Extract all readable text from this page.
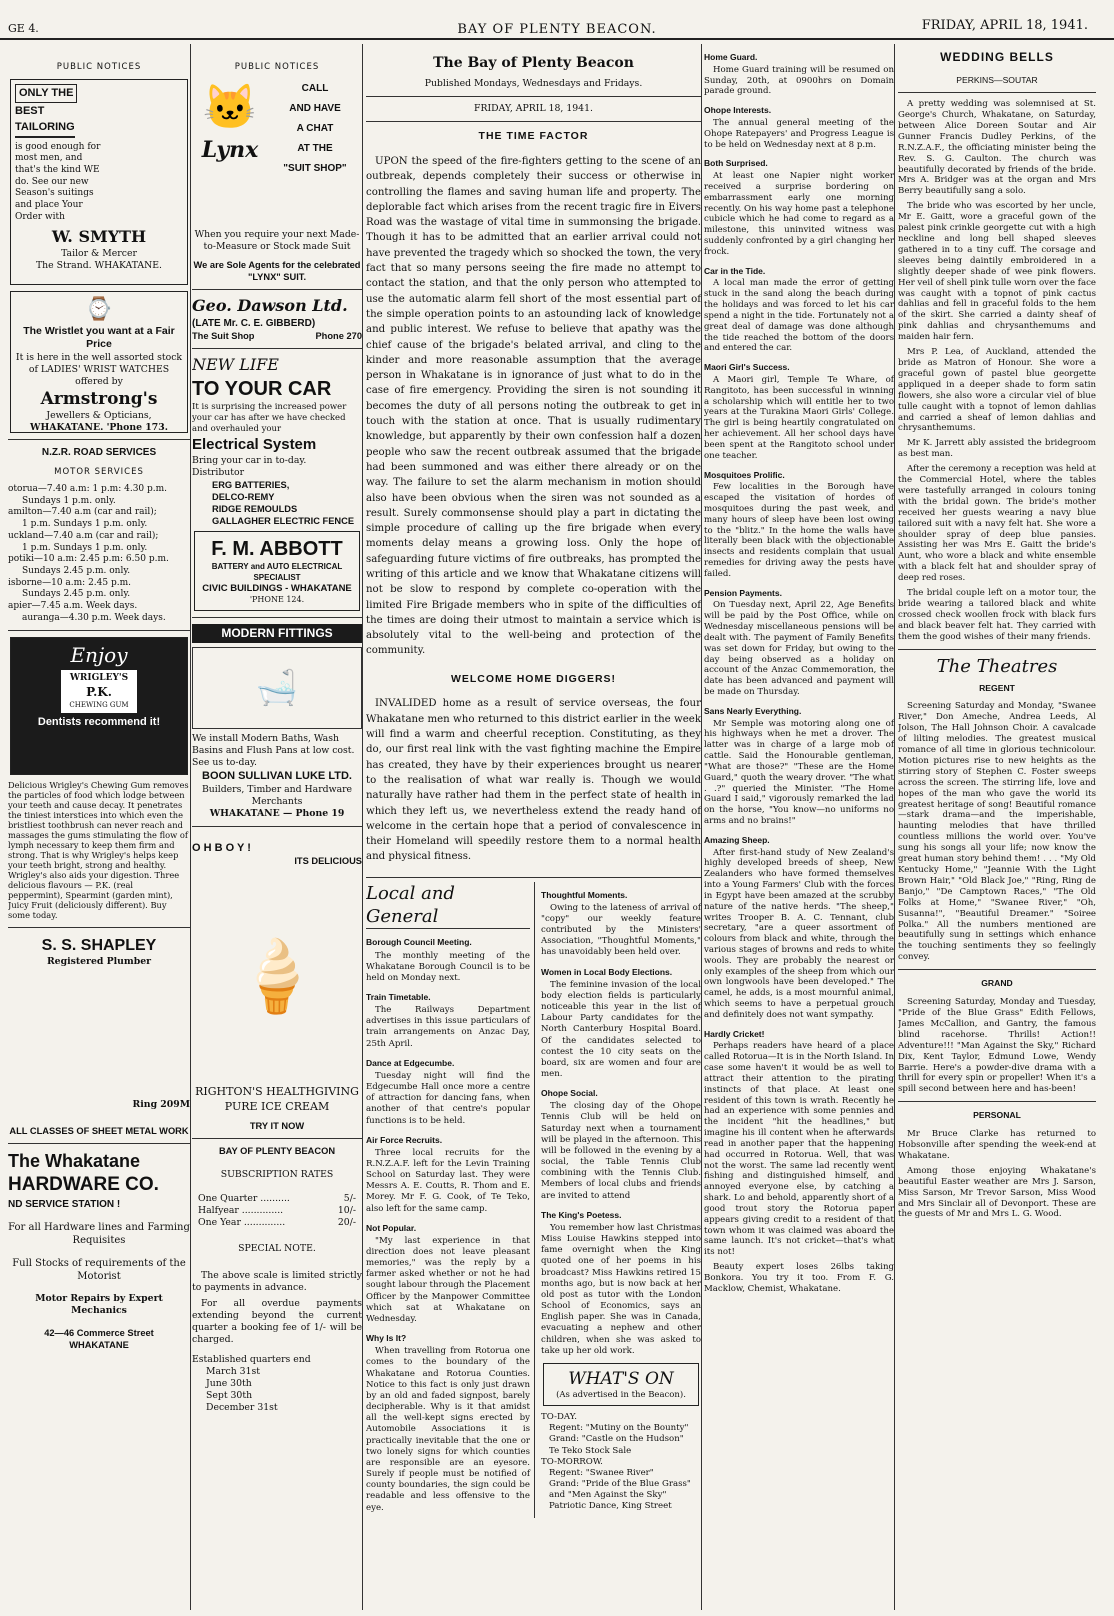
GE 4.	BAY OF PLENTY BEACON.	FRIDAY, APRIL 18, 1941.
PUBLIC NOTICES
ONLY THE
BEST
TAILORING
is good enough for most men, and that's the kind WE do. See our new Season's suitings and place Your Order with
W. SMYTH
Tailor & Mercer
The Strand. WHAKATANE.
⌚
The Wristlet you want at a Fair Price
It is here in the well assorted stock of LADIES' WRIST WATCHES offered by
Armstrong's
Jewellers & Opticians,
WHAKATANE. 'Phone 173.
N.Z.R. ROAD SERVICES
MOTOR SERVICES
otorua—7.40 a.m: 1 p.m: 4.30 p.m.
Sundays 1 p.m. only.
amilton—7.40 a.m (car and rail);
1 p.m. Sundays 1 p.m. only.
uckland—7.40 a.m (car and rail);
1 p.m. Sundays 1 p.m. only.
potiki—10 a.m: 2.45 p.m: 6.50 p.m.
Sundays 2.45 p.m. only.
isborne—10 a.m: 2.45 p.m.
Sundays 2.45 p.m. only.
apier—7.45 a.m. Week days.
auranga—4.30 p.m. Week days.
Enjoy
WRIGLEY'S
P.K.
CHEWING GUM
Dentists recommend it!
Delicious Wrigley's Chewing Gum removes the particles of food which lodge between your teeth and cause decay. It penetrates the tiniest interstices into which even the bristliest toothbrush can never reach and massages the gums stimulating the flow of lymph necessary to keep them firm and strong. That is why Wrigley's helps keep your teeth bright, strong and healthy. Wrigley's also aids your digestion. Three delicious flavours — P.K. (real peppermint), Spearmint (garden mint), Juicy Fruit (deliciously different). Buy some today.
S. S. SHAPLEY
Registered Plumber
Ring 209M
ALL CLASSES OF SHEET METAL WORK
The Whakatane
HARDWARE CO.
ND SERVICE STATION !
For all Hardware lines and Farming Requisites
Full Stocks of requirements of the Motorist
Motor Repairs by Expert Mechanics
42—46 Commerce Street
WHAKATANE
PUBLIC NOTICES
🐱
Lynx
CALL
AND HAVE
A CHAT
AT THE
"SUIT SHOP"
When you require your next Made-to-Measure or Stock made Suit
We are Sole Agents for the celebrated "LYNX" SUIT.
Geo. Dawson Ltd.
(LATE Mr. C. E. GIBBERD)
The Suit Shop	Phone 270
NEW LIFE
TO YOUR CAR
It is surprising the increased power your car has after we have checked and overhauled your
Electrical System
Bring your car in to-day.
Distributor
ERG BATTERIES,
DELCO-REMY
RIDGE REMOULDS
GALLAGHER ELECTRIC FENCE
F. M. ABBOTT
BATTERY and AUTO ELECTRICAL SPECIALIST
CIVIC BUILDINGS - WHAKATANE
'PHONE 124.
MODERN FITTINGS
🛁
We install Modern Baths, Wash Basins and Flush Pans at low cost. See us to-day.
BOON SULLIVAN LUKE LTD.
Builders, Timber and Hardware Merchants
WHAKATANE — Phone 19
O H B O Y !
ITS DELICIOUS
🍦
RIGHTON'S HEALTHGIVING
PURE ICE CREAM
TRY IT NOW
BAY OF PLENTY BEACON
SUBSCRIPTION RATES
One Quarter ..........	5/-
Halfyear ..............	10/-
One Year ..............	20/-
SPECIAL NOTE.

The above scale is limited strictly to payments in advance.

For all overdue payments extending beyond the current quarter a booking fee of 1/- will be charged.

Established quarters end
March 31st
June 30th
Sept 30th
December 31st
The Bay of Plenty Beacon
Published Mondays, Wednesdays and Fridays.
FRIDAY, APRIL 18, 1941.
THE TIME FACTOR

UPON the speed of the fire-fighters getting to the scene of an outbreak, depends completely their success or otherwise in controlling the flames and saving human life and property. The deplorable fact which arises from the recent tragic fire in Eivers Road was the wastage of vital time in summonsing the brigade. Though it has to be admitted that an earlier arrival could not have prevented the tragedy which so shocked the town, the very fact that so many persons seeing the fire made no attempt to contact the station, and that the only person who attempted to use the automatic alarm fell short of the most essential part of the simple operation points to an astounding lack of knowledge and public interest. We refuse to believe that apathy was the chief cause of the brigade's belated arrival, and cling to the kinder and more reasonable assumption that the average person in Whakatane is in ignorance of just what to do in the case of fire emergency. Providing the siren is not sounding it becomes the duty of all persons noting the outbreak to get in touch with the station at once. That is usually rudimentary knowledge, but apparently by their own confession half a dozen people who saw the recent outbreak assumed that the brigade had been summoned and was either there already or on the way. The failure to set the alarm mechanism in motion should also have been obvious when the siren was not sounded as a result. Surely commonsense should play a part in dictating the simple procedure of calling up the fire brigade when every moments delay means a growing loss. Only the hope of safeguarding future victims of fire outbreaks, has prompted the writing of this article and we know that Whakatane citizens will not be slow to respond by complete co-operation with the limited Fire Brigade members who in spite of the difficulties of the times are doing their utmost to maintain a service which is absolutely vital to the well-being and protection of the community.

WELCOME HOME DIGGERS!

INVALIDED home as a result of service overseas, the four Whakatane men who returned to this district earlier in the week will find a warm and cheerful reception. Constituting, as they do, our first real link with the vast fighting machine the Empire has created, they have by their experiences brought us nearer to the realisation of what war really is. Though we would naturally have rather had them in the perfect state of health in which they left us, we nevertheless extend the ready hand of welcome in the certain hope that a period of convalescence in their Homeland will speedily restore them to a normal health and physical fitness.

Local and General
Borough Council Meeting.

The monthly meeting of the Whakatane Borough Council is to be held on Monday next.

Train Timetable.

The Railways Department advertises in this issue particulars of train arrangements on Anzac Day, 25th April.

Dance at Edgecumbe.

Tuesday night will find the Edgecumbe Hall once more a centre of attraction for dancing fans, when another of that centre's popular functions is to be held.

Air Force Recruits.

Three local recruits for the R.N.Z.A.F. left for the Levin Training School on Saturday last. They were Messrs A. E. Coutts, R. Thom and E. Morey. Mr F. G. Cook, of Te Teko, also left for the same camp.

Not Popular.

"My last experience in that direction does not leave pleasant memories," was the reply by a farmer asked whether or not he had sought labour through the Placement Officer by the Manpower Committee which sat at Whakatane on Wednesday.

Why Is It?

When travelling from Rotorua one comes to the boundary of the Whakatane and Rotorua Counties. Notice to this fact is only just drawn by an old and faded signpost, barely decipherable. Why is it that amidst all the well-kept signs erected by Automobile Associations it is practically inevitable that the one or two lonely signs for which counties are responsible are an eyesore. Surely if people must be notified of county boundaries, the sign could be readable and less offensive to the eye.

Thoughtful Moments.

Owing to the lateness of arrival of "copy" our weekly feature contributed by the Ministers' Association, "Thoughtful Moments," has unavoidably been held over.

Women in Local Body Elections.

The feminine invasion of the local body election fields is particularly noticeable this year in the list of Labour Party candidates for the North Canterbury Hospital Board. Of the candidates selected to contest the 10 city seats on the board, six are women and four are men.

Ohope Social.

The closing day of the Ohope Tennis Club will be held on Saturday next when a tournament will be played in the afternoon. This will be followed in the evening by a social, the Table Tennis Club combining with the Tennis Club. Members of local clubs and friends are invited to attend

The King's Poetess.

You remember how last Christmas Miss Louise Hawkins stepped into fame overnight when the King quoted one of her poems in his broadcast? Miss Hawkins retired 15 months ago, but is now back at her old post as tutor with the London School of Economics, says an English paper. She was in Canada, evacuating a nephew and other children, when she was asked to take up her old work.

WHAT'S ON
(As advertised in the Beacon).
TO-DAY.
Regent: "Mutiny on the Bounty"
Grand: "Castle on the Hudson"
Te Teko Stock Sale
TO-MORROW.
Regent: "Swanee River"
Grand: "Pride of the Blue Grass" and "Men Against the Sky"
Patriotic Dance, King Street
Home Guard.

Home Guard training will be resumed on Sunday, 20th, at 0900hrs on Domain parade ground.

Ohope Interests.

The annual general meeting of the Ohope Ratepayers' and Progress League is to be held on Wednesday next at 8 p.m.

Both Surprised.

At least one Napier night worker received a surprise bordering on embarrassment early one morning recently. On his way home past a telephone cubicle which he had come to regard as a milestone, this uninvited witness was suddenly confronted by a girl changing her frock.

Car in the Tide.

A local man made the error of getting stuck in the sand along the beach during the holidays and was forced to let his car spend a night in the tide. Fortunately not a great deal of damage was done although the tide reached the bottom of the doors and entered the car.

Maori Girl's Success.

A Maori girl, Temple Te Whare, of Rangitoto, has been successful in winning a scholarship which will entitle her to two years at the Turakina Maori Girls' College. The girl is being heartily congratulated on her achievement. All her school days have been spent at the Rangitoto school under one teacher.

Mosquitoes Prolific.

Few localities in the Borough have escaped the visitation of hordes of mosquitoes during the past week, and many hours of sleep have been lost owing to the "blitz." In the home the walls have literally been black with the objectionable insects and residents complain that usual remedies for driving away the pests have failed.

Pension Payments.

On Tuesday next, April 22, Age Benefits will be paid by the Post Office, while on Wednesday miscellaneous pensions will be dealt with. The payment of Family Benefits was set down for Friday, but owing to the day being observed as a holiday on account of the Anzac Commemoration, the date has been advanced and payment will be made on Thursday.

Sans Nearly Everything.

Mr Semple was motoring along one of his highways when he met a drover. The latter was in charge of a large mob of cattle. Said the Honourable gentleman, "What are those?" "These are the Home Guard," quoth the weary drover. "The what . .?" queried the Minister. "The Home Guard I said," vigorously remarked the lad on the horse, "You know—no uniforms no arms and no brains!"

Amazing Sheep.

After first-hand study of New Zealand's highly developed breeds of sheep, New Zealanders who have formed themselves into a Young Farmers' Club with the forces in Egypt have been amazed at the scrubby nature of the native herds. "The sheep," writes Trooper B. A. C. Tennant, club secretary, "are a queer assortment of colours from black and white, through the various stages of browns and reds to white wools. They are probably the nearest or only examples of the sheep from which our own longwools have been developed." The camel, he adds, is a most mournful animal, which seems to have a perpetual grouch and definitely does not want sympathy.

Hardly Cricket!

Perhaps readers have heard of a place called Rotorua—It is in the North Island. In case some haven't it would be as well to attract their attention to the pirating instincts of that place. At least one resident of this town is wrath. Recently he had an experience with some pennies and the incident "hit the headlines," but imagine his ill content when he afterwards read in another paper that the happening had occurred in Rotorua. Well, that was not the worst. The same lad recently went fishing and distinguished himself, and annoyed everyone else, by catching a shark. Lo and behold, apparently short of a good trout story the Rotorua paper appears giving credit to a resident of that town whom it was claimed was aboard the same launch. It's not cricket—that's what its not!

Beauty expert loses 26lbs taking Bonkora. You try it too. From F. G. Macklow, Chemist, Whakatane.

WEDDING BELLS
PERKINS—SOUTAR

A pretty wedding was solemnised at St. George's Church, Whakatane, on Saturday, between Alice Doreen Soutar and Air Gunner Francis Dudley Perkins, of the R.N.Z.A.F., the officiating minister being the Rev. S. G. Caulton. The church was beautifully decorated by friends of the bride. Mrs A. Bridger was at the organ and Mrs Berry beautifully sang a solo.

The bride who was escorted by her uncle, Mr E. Gaitt, wore a graceful gown of the palest pink crinkle georgette cut with a high neckline and long bell shaped sleeves gathered in to a tiny cuff. The corsage and sleeves being daintily embroidered in a slightly deeper shade of wee pink flowers. Her veil of shell pink tulle worn over the face was caught with a topnot of pink cactus dahlias and fell in graceful folds to the hem of the skirt. She carried a dainty sheaf of pink dahlias and chrysanthemums and maiden hair fern.

Mrs P. Lea, of Auckland, attended the bride as Matron of Honour. She wore a graceful gown of pastel blue georgette appliqued in a deeper shade to form satin flowers, she also wore a circular viel of blue tulle caught with a topnot of lemon dahlias and carried a sheaf of lemon dahlias and chrysanthemums.

Mr K. Jarrett ably assisted the bridegroom as best man.

After the ceremony a reception was held at the Commercial Hotel, where the tables were tastefully arranged in colours toning with the bridal gown. The bride's mother received her guests wearing a navy blue tailored suit with a navy felt hat. She wore a shoulder spray of deep blue pansies. Assisting her was Mrs E. Gaitt the bride's Aunt, who wore a black and white ensemble with a black felt hat and shoulder spray of deep red roses.

The bridal couple left on a motor tour, the bride wearing a tailored black and white crossed check woollen frock with black furs and black beaver felt hat. They carried with them the good wishes of their many friends.

The Theatres
REGENT

Screening Saturday and Monday, "Swanee River," Don Ameche, Andrea Leeds, Al Jolson, The Hall Johnson Choir. A cavalcade of lilting melodies. The greatest musical romance of all time in glorious technicolour. Motion pictures rise to new heights as the stirring story of Stephen C. Foster sweeps across the screen. The stirring life, love and hopes of the man who gave the world its greatest heritage of song! Beautiful romance—stark drama—and the imperishable, haunting melodies that have thrilled countless millions the world over. You've sung his songs all your life; now know the great human story behind them! . . . "My Old Kentucky Home," "Jeannie With the Light Brown Hair," "Old Black Joe," "Ring, Ring de Banjo," "De Camptown Races," "The Old Folks at Home," "Swanee River," "Oh, Susanna!", "Beautiful Dreamer." "Soiree Polka." All the numbers mentioned are beautifully sung in settings which enhance the touching sentiments they so feelingly convey.

GRAND

Screening Saturday, Monday and Tuesday, "Pride of the Blue Grass" Edith Fellows, James McCallion, and Gantry, the famous blind racehorse. Thrills! Action!! Adventure!!! "Man Against the Sky," Richard Dix, Kent Taylor, Edmund Lowe, Wendy Barrie. Here's a powder-dive drama with a thrill for every spin or propeller! When it's a spill second between here and has-been!

PERSONAL

Mr Bruce Clarke has returned to Hobsonville after spending the week-end at Whakatane.

Among those enjoying Whakatane's beautiful Easter weather are Mrs J. Sarson, Miss Sarson, Mr Trevor Sarson, Miss Wood and Mrs Sinclair all of Devonport. These are the guests of Mr and Mrs L. G. Wood.
